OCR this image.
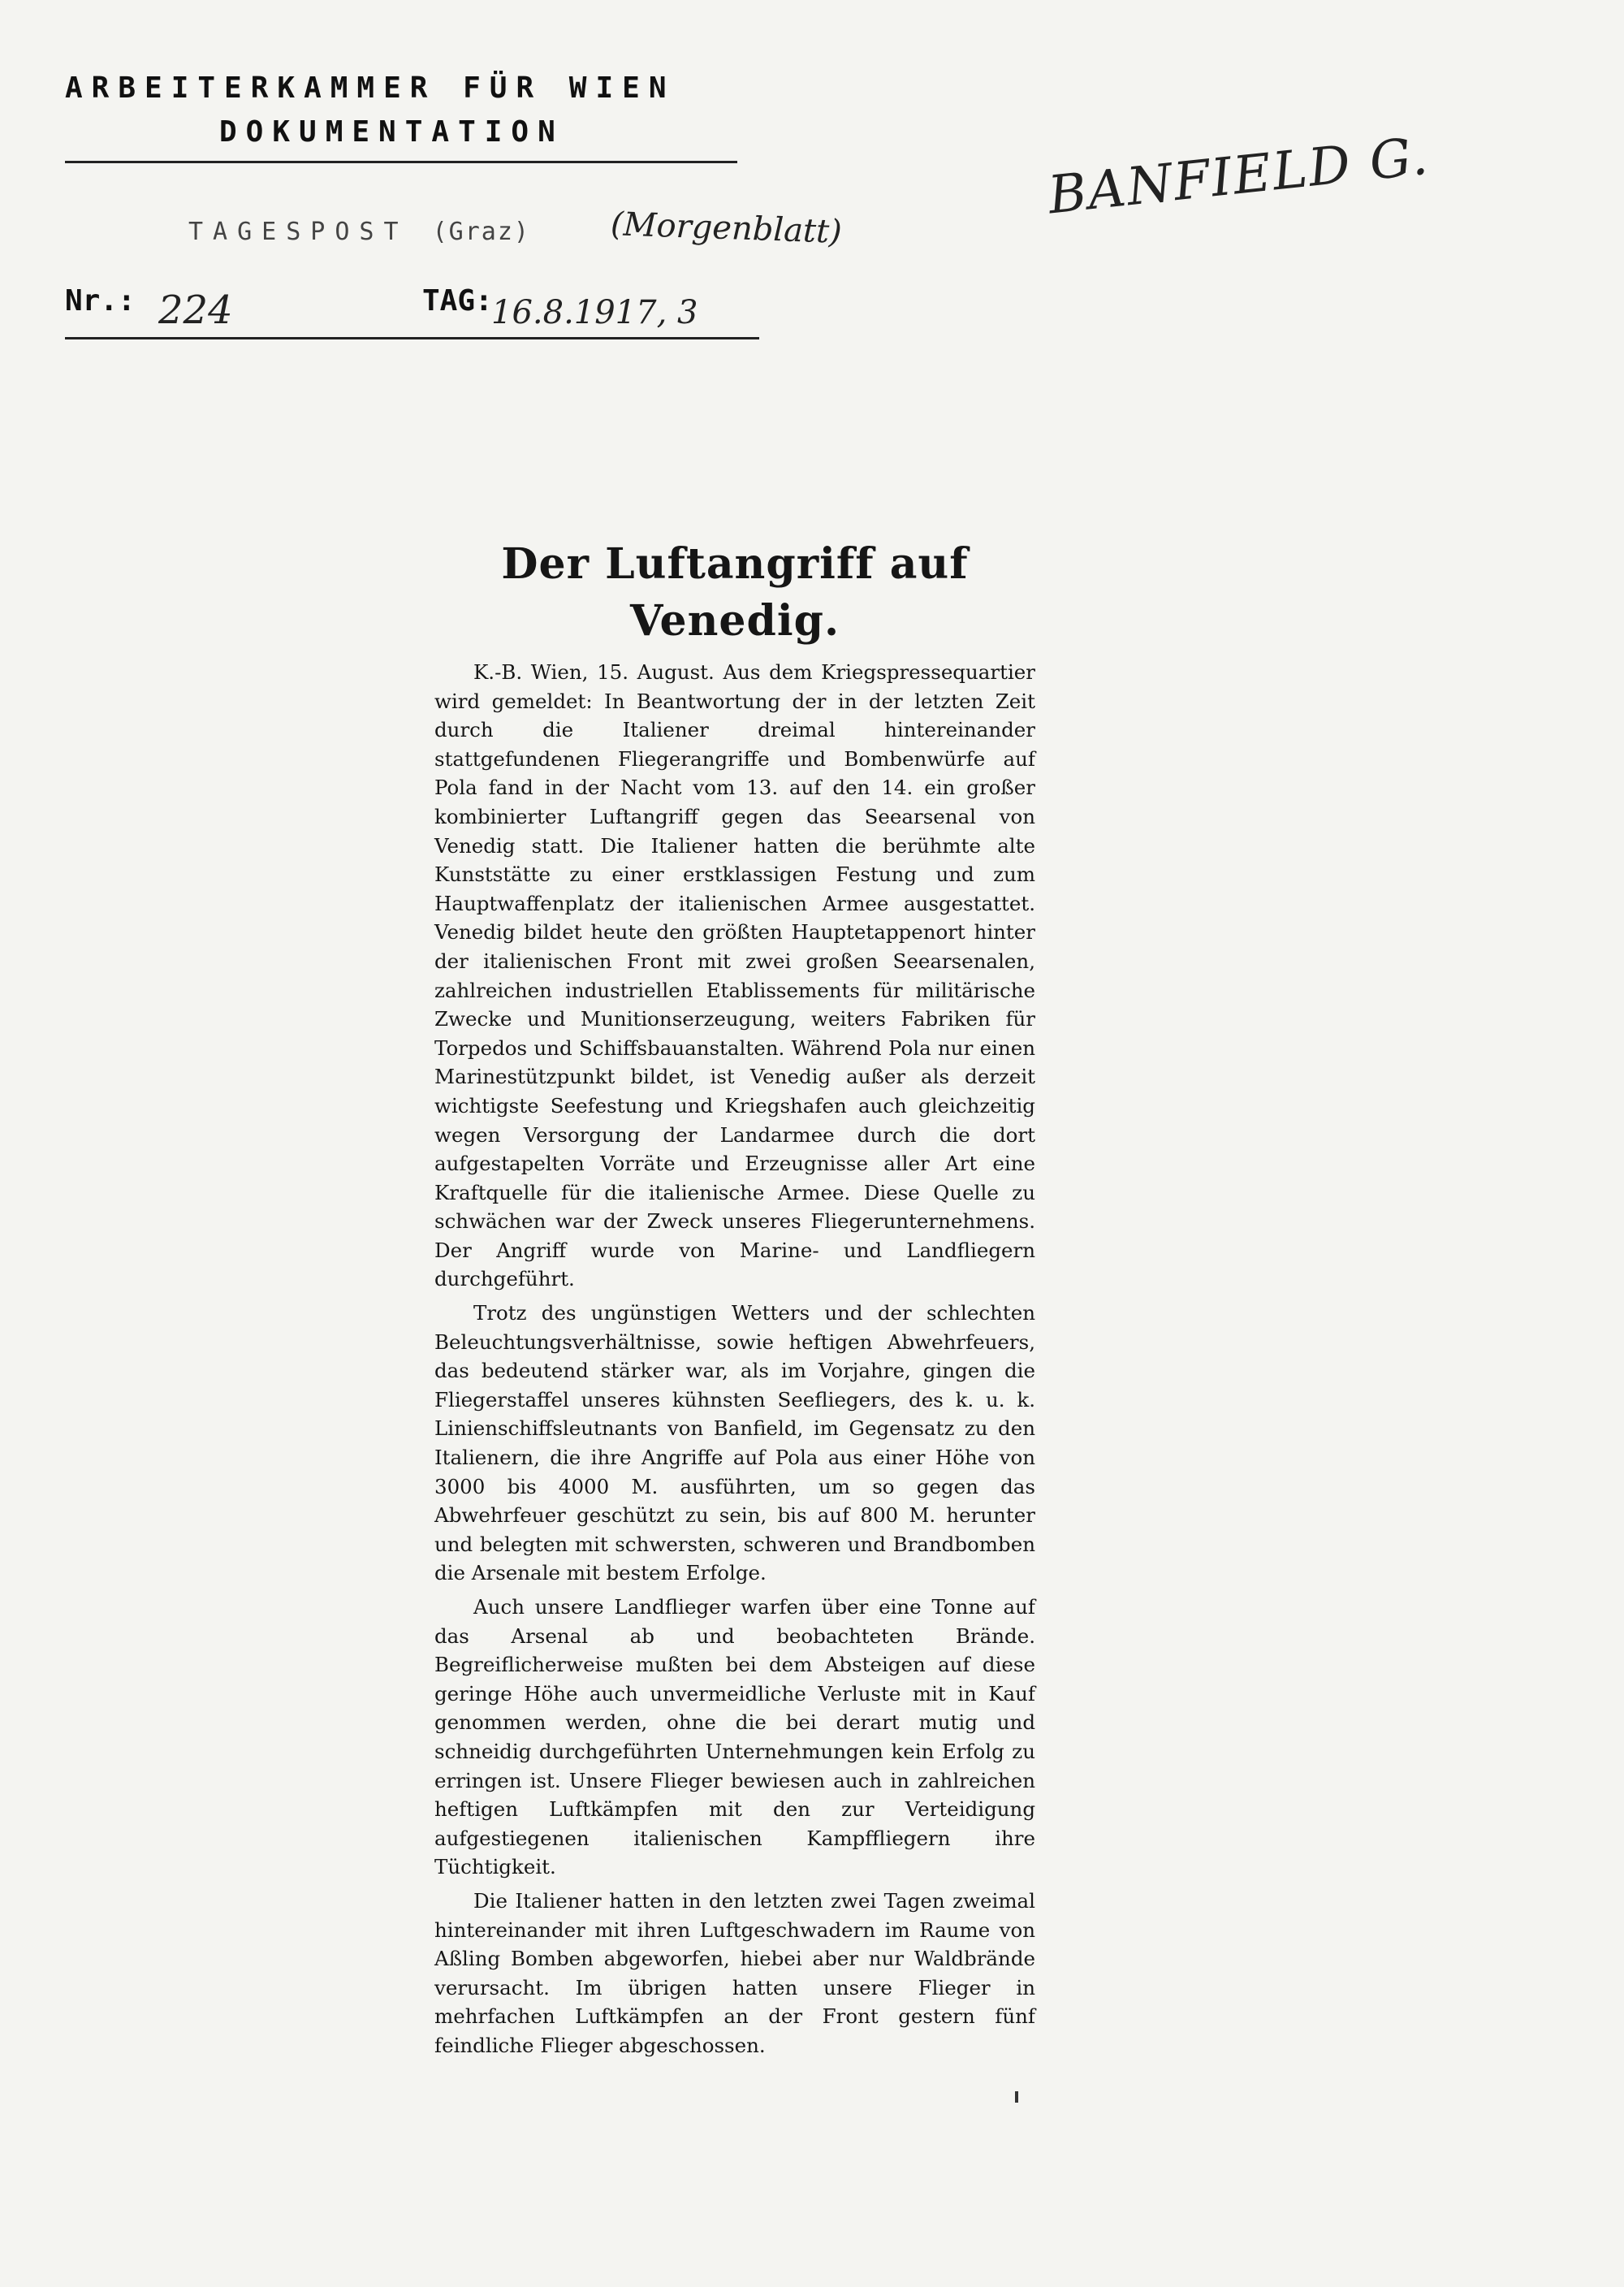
ARBEITERKAMMER FÜR WIEN
DOKUMENTATION	BANFIELD G.
TAGESPOST (Graz) (Morgenblatt)
Nr.: 224	TAG:
16.8.1917, 3
Der Luftangriff auf Venedig.

K.-B. Wien, 15. August. Aus dem Kriegspressequartier wird gemeldet: In Beantwortung der in der letzten Zeit durch die Italiener dreimal hintereinander stattgefundenen Fliegerangriffe und Bombenwürfe auf Pola fand in der Nacht vom 13. auf den 14. ein großer kombinierter Luftangriff gegen das Seearsenal von Venedig statt. Die Italiener hatten die berühmte alte Kunststätte zu einer erstklassigen Festung und zum Hauptwaffenplatz der italienischen Armee ausgestattet. Venedig bildet heute den größten Hauptetappenort hinter der italienischen Front mit zwei großen Seearsenalen, zahlreichen industriellen Etablissements für militärische Zwecke und Munitionserzeugung, weiters Fabriken für Torpedos und Schiffsbauanstalten. Während Pola nur einen Marinestützpunkt bildet, ist Venedig außer als derzeit wichtigste Seefestung und Kriegshafen auch gleichzeitig wegen Versorgung der Landarmee durch die dort aufgestapelten Vorräte und Erzeugnisse aller Art eine Kraftquelle für die italienische Armee. Diese Quelle zu schwächen war der Zweck unseres Fliegerunternehmens. Der Angriff wurde von Marine- und Landfliegern durchgeführt.

Trotz des ungünstigen Wetters und der schlechten Beleuchtungsverhältnisse, sowie heftigen Abwehrfeuers, das bedeutend stärker war, als im Vorjahre, gingen die Fliegerstaffel unseres kühnsten Seefliegers, des k. u. k. Linienschiffsleutnants von Banfield, im Gegensatz zu den Italienern, die ihre Angriffe auf Pola aus einer Höhe von 3000 bis 4000 M. ausführten, um so gegen das Abwehrfeuer geschützt zu sein, bis auf 800 M. herunter und belegten mit schwersten, schweren und Brandbomben die Arsenale mit bestem Erfolge.

Auch unsere Landflieger warfen über eine Tonne auf das Arsenal ab und beobachteten Brände. Begreiflicherweise mußten bei dem Absteigen auf diese geringe Höhe auch unvermeidliche Verluste mit in Kauf genommen werden, ohne die bei derart mutig und schneidig durchgeführten Unternehmungen kein Erfolg zu erringen ist. Unsere Flieger bewiesen auch in zahlreichen heftigen Luftkämpfen mit den zur Verteidigung aufgestiegenen italienischen Kampffliegern ihre Tüchtigkeit.

Die Italiener hatten in den letzten zwei Tagen zweimal hintereinander mit ihren Luftgeschwadern im Raume von Aßling Bomben abgeworfen, hiebei aber nur Waldbrände verursacht. Im übrigen hatten unsere Flieger in mehrfachen Luftkämpfen an der Front gestern fünf feindliche Flieger abgeschossen.
